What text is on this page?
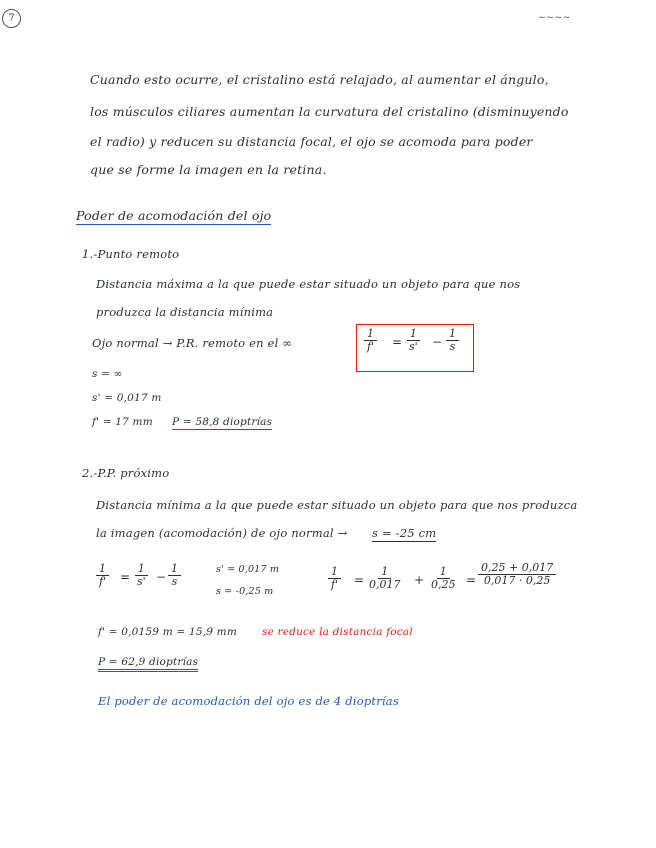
7	~~~~
Cuando esto ocurre, el cristalino está relajado, al aumentar el ángulo,
los músculos ciliares aumentan la curvatura del cristalino (disminuyendo
el radio) y reducen su distancia focal, el ojo se acomoda para poder
que se forme la imagen en la retina.
Poder de acomodación del ojo
1.-Punto remoto
Distancia máxima a la que puede estar situado un objeto para que nos
produzca la distancia mínima
Ojo normal → P.R. remoto en el ∞	$\frac{1}{f'} = \frac{1}{s'} - \frac{1}{s}$
s = ∞
s' = 0,017 m
f' = 17 mm P = 58,8 dioptrías
2.-P.P. próximo
Distancia mínima a la que puede estar situado un objeto para que nos produzca
la imagen (acomodación) de ojo normal → s = -25 cm
$\frac{1}{f'} = \frac{1}{s'} - \frac{1}{s}$	s' = 0,017 m
s = -0,25 m
$\frac{1}{f'} = \frac{1}{0,017} + \frac{1}{0,25} = \frac{0,25 + 0,017}{0,017 \cdot 0,25}$
f' = 0,0159 m = 15,9 mm se reduce la distancia focal
P = 62,9 dioptrías
El poder de acomodación del ojo es de 4 dioptrías
